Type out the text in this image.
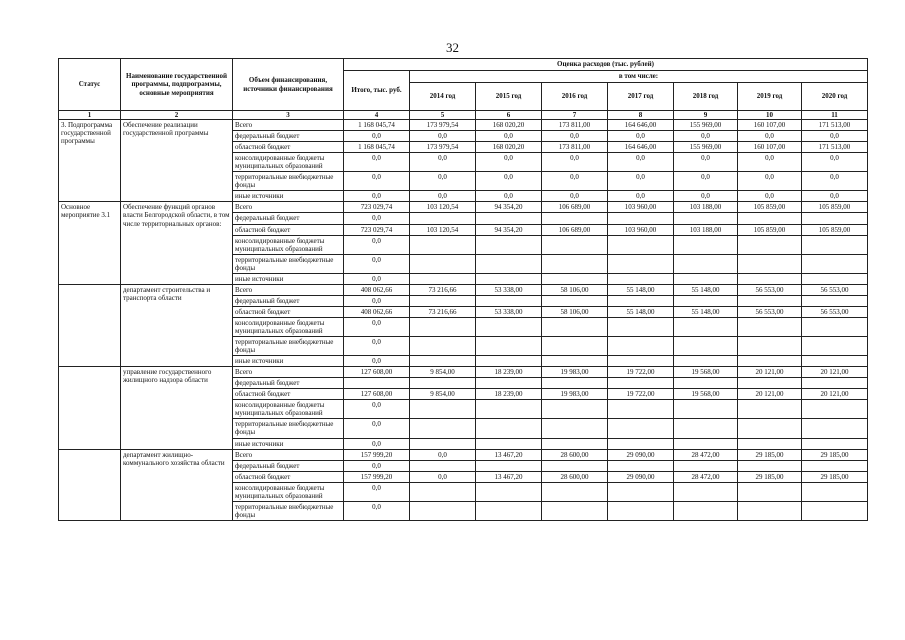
32
Статус	Наименование государственной программы, подпрограммы, основные мероприятия	Объем финансирования, источники финансирования	Оценка расходов (тыс. рублей)							
			Итого, тыс. руб.	в том числе:						
				2014 год	2015 год	2016 год	2017 год	2018 год	2019 год	2020 год
1	2	3	4	5	6	7	8	9	10	11
3. Подпрограмма государственной программы	Обеспечение реализации государственной программы	Всего	1 168 045,74	173 979,54	168 020,20	173 811,00	164 646,00	155 969,00	160 107,00	171 513,00
		федеральный бюджет	0,0	0,0	0,0	0,0	0,0	0,0	0,0	0,0
		областной бюджет	1 168 045,74	173 979,54	168 020,20	173 811,00	164 646,00	155 969,00	160 107,00	171 513,00
		консолидированные бюджеты муниципальных образований	0,0	0,0	0,0	0,0	0,0	0,0	0,0	0,0
		территориальные внебюджетные фонды	0,0	0,0	0,0	0,0	0,0	0,0	0,0	0,0
		иные источники	0,0	0,0	0,0	0,0	0,0	0,0	0,0	0,0
Основное мероприятие 3.1	Обеспечение функций органов власти Белгородской области, в том числе территориальных органов:	Всего	723 029,74	103 120,54	94 354,20	106 689,00	103 960,00	103 188,00	105 859,00	105 859,00
		федеральный бюджет	0,0							
		областной бюджет	723 029,74	103 120,54	94 354,20	106 689,00	103 960,00	103 188,00	105 859,00	105 859,00
		консолидированные бюджеты муниципальных образований	0,0							
		территориальные внебюджетные фонды	0,0							
		иные источники	0,0							
	департамент строительства и транспорта области	Всего	408 062,66	73 216,66	53 338,00	58 106,00	55 148,00	55 148,00	56 553,00	56 553,00
		федеральный бюджет	0,0							
		областной бюджет	408 062,66	73 216,66	53 338,00	58 106,00	55 148,00	55 148,00	56 553,00	56 553,00
		консолидированные бюджеты муниципальных образований	0,0							
		территориальные внебюджетные фонды	0,0							
		иные источники	0,0							
	управление государственного жилищного надзора области	Всего	127 608,00	9 854,00	18 239,00	19 983,00	19 722,00	19 568,00	20 121,00	20 121,00
		федеральный бюджет								
		областной бюджет	127 608,00	9 854,00	18 239,00	19 983,00	19 722,00	19 568,00	20 121,00	20 121,00
		консолидированные бюджеты муниципальных образований	0,0							
		территориальные внебюджетные фонды	0,0							
		иные источники	0,0							
	департамент жилищно-коммунального хозяйства области	Всего	157 999,20	0,0	13 467,20	28 600,00	29 090,00	28 472,00	29 185,00	29 185,00
		федеральный бюджет	0,0							
		областной бюджет	157 999,20	0,0	13 467,20	28 600,00	29 090,00	28 472,00	29 185,00	29 185,00
		консолидированные бюджеты муниципальных образований	0,0							
		территориальные внебюджетные фонды	0,0							
